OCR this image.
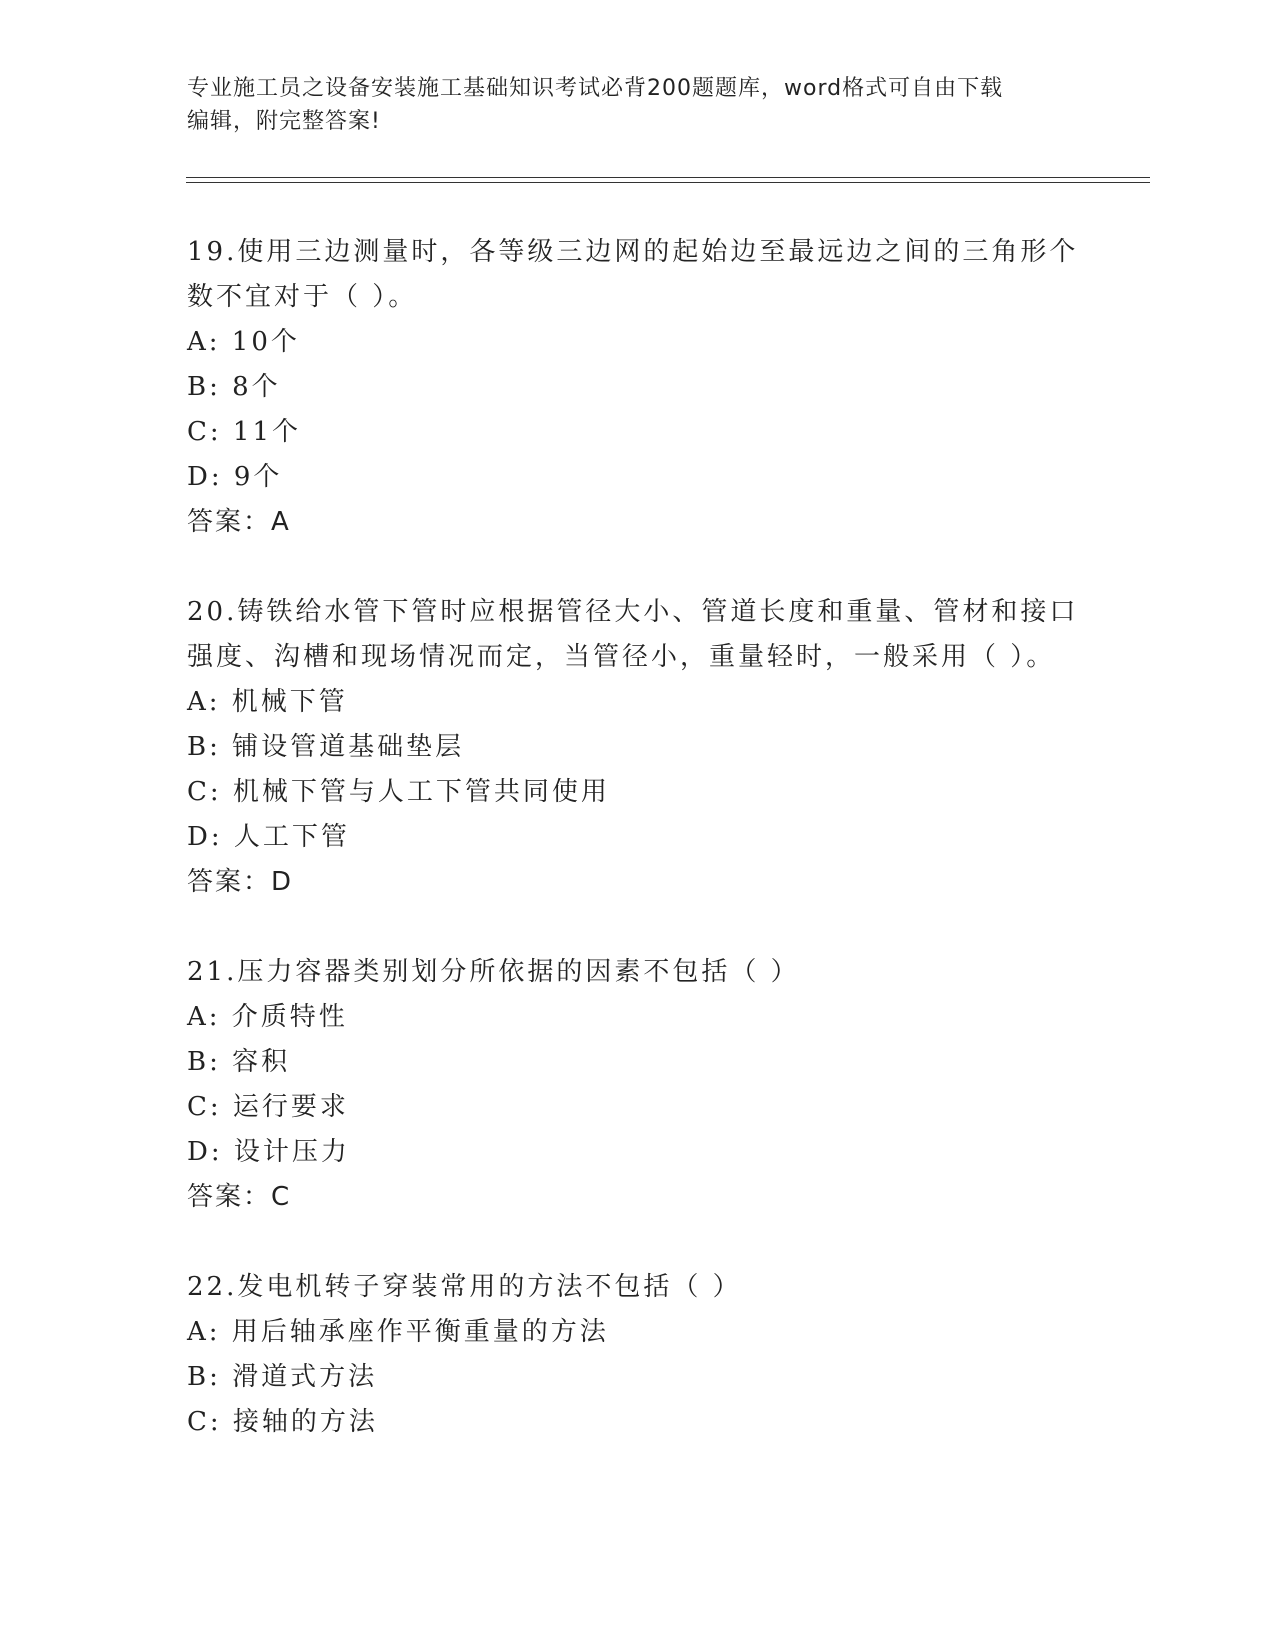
专业施工员之设备安装施工基础知识考试必背200题题库，word格式可自由下载
编辑，附完整答案!
19.使用三边测量时，各等级三边网的起始边至最远边之间的三角形个
数不宜对于（ ）。
A: 10个
B: 8个
C: 11个
D: 9个
答案：A
20.铸铁给水管下管时应根据管径大小、管道长度和重量、管材和接口
强度、沟槽和现场情况而定，当管径小，重量轻时，一般采用（ ）。
A: 机械下管
B: 铺设管道基础垫层
C: 机械下管与人工下管共同使用
D: 人工下管
答案：D
21.压力容器类别划分所依据的因素不包括（ ）
A: 介质特性
B: 容积
C: 运行要求
D: 设计压力
答案：C
22.发电机转子穿装常用的方法不包括（ ）
A: 用后轴承座作平衡重量的方法
B: 滑道式方法
C: 接轴的方法
